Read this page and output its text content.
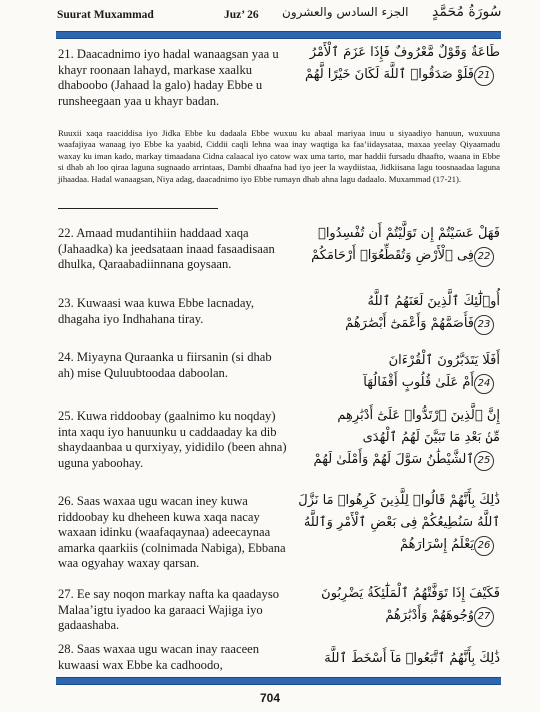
Suurat Muxammad	Juz’ 26 الجزء السادس والعشرون سُورَةُ مُحَمَّدٍ
21. Daacadnimo iyo hadal wanaagsan yaa u khayr roonaan lahayd, markase xaalku dhaboobo (Jahaad la galo) haday Ebbe u runsheegaan yaa u khayr badan.
طَاعَةٌ وَقَوْلٌ مَّعْرُوفٌ فَإِذَا عَزَمَ ٱلْأَمْرُ
21فَلَوْ صَدَقُوا۟ ٱللَّهَ لَكَانَ خَيْرًا لَّهُمْ
Ruuxii xaqa raaciddisa iyo Jidka Ebbe ku dadaala Ebbe wuxuu ku abaal mariyaa inuu u siyaadiyo hanuun, wuxuuna waafajiyaa wanaag iyo Ebbe ka yaabid, Ciddii caqli lehna waa inay waqtiga ka faa’iidaysataa, maxaa yeelay Qiyaamadu waxay ku iman kado, markay timaadana Cidna calaacal iyo catow wax uma tarto, mar haddii fursadu dhaafto, waana in Ebbe si dhab ah loo qiraa laguna sugnaado arrintaas, Dambi dhaafna had iyo jeer la waydiistaa, Jidkiisana lagu toosnaadaa laguna jihaadaa. Hadal wanaagsan, Niya adag, daacadnimo iyo Ebbe rumayn dhab ahna lagu dadaalo. Muxammad (17-21).
22. Amaad mudantihiin haddaad xaqa (Jahaadka) ka jeedsataan inaad fasaadisaan dhulka, Qaraabadiinnana goysaan.
فَهَلْ عَسَيْتُمْ إِن تَوَلَّيْتُمْ أَن تُفْسِدُوا۟
22فِى ٱلْأَرْضِ وَتُقَطِّعُوٓا۟ أَرْحَامَكُمْ
23. Kuwaasi waa kuwa Ebbe lacnaday, dhagaha iyo Indhahana tiray.
أُو۟لَٰٓئِكَ ٱلَّذِينَ لَعَنَهُمُ ٱللَّهُ
23فَأَصَمَّهُمْ وَأَعْمَىٰٓ أَبْصَٰرَهُمْ
24. Miyayna Quraanka u fiirsanin (si dhab ah) mise Quluubtoodaa daboolan.
أَفَلَا يَتَدَبَّرُونَ ٱلْقُرْءَانَ
24أَمْ عَلَىٰ قُلُوبٍ أَقْفَالُهَآ
25. Kuwa riddoobay (gaalnimo ku noqday) inta xaqu iyo hanuunku u caddaaday ka dib shaydaanbaa u qurxiyay, yididilo (been ahna) uguna yaboohay.
إِنَّ ٱلَّذِينَ ٱرْتَدُّوا۟ عَلَىٰٓ أَدْبَٰرِهِم
مِّنۢ بَعْدِ مَا تَبَيَّنَ لَهُمُ ٱلْهُدَى
25ٱلشَّيْطَٰنُ سَوَّلَ لَهُمْ وَأَمْلَىٰ لَهُمْ
26. Saas waxaa ugu wacan iney kuwa riddoobay ku dheheen kuwa xaqa nacay waxaan idinku (waafaqaynaa) adeecaynaa amarka qaarkiis (colnimada Nabiga), Ebbana waa ogyahay waxay qarsan.
ذَٰلِكَ بِأَنَّهُمْ قَالُوا۟ لِلَّذِينَ كَرِهُوا۟ مَا نَزَّلَ
ٱللَّهُ سَنُطِيعُكُمْ فِى بَعْضِ ٱلْأَمْرِ وَٱللَّهُ
26يَعْلَمُ إِسْرَارَهُمْ
27. Ee say noqon markay nafta ka qaadayso Malaa’igtu iyadoo ka garaaci Wajiga iyo gadaashaba.
فَكَيْفَ إِذَا تَوَفَّتْهُمُ ٱلْمَلَٰٓئِكَةُ يَضْرِبُونَ
27وُجُوهَهُمْ وَأَدْبَٰرَهُمْ
28. Saas waxaa ugu wacan inay raaceen kuwaasi wax Ebbe ka cadhoodo,	ذَٰلِكَ بِأَنَّهُمُ ٱتَّبَعُوا۟ مَآ أَسْخَطَ ٱللَّهَ
704
